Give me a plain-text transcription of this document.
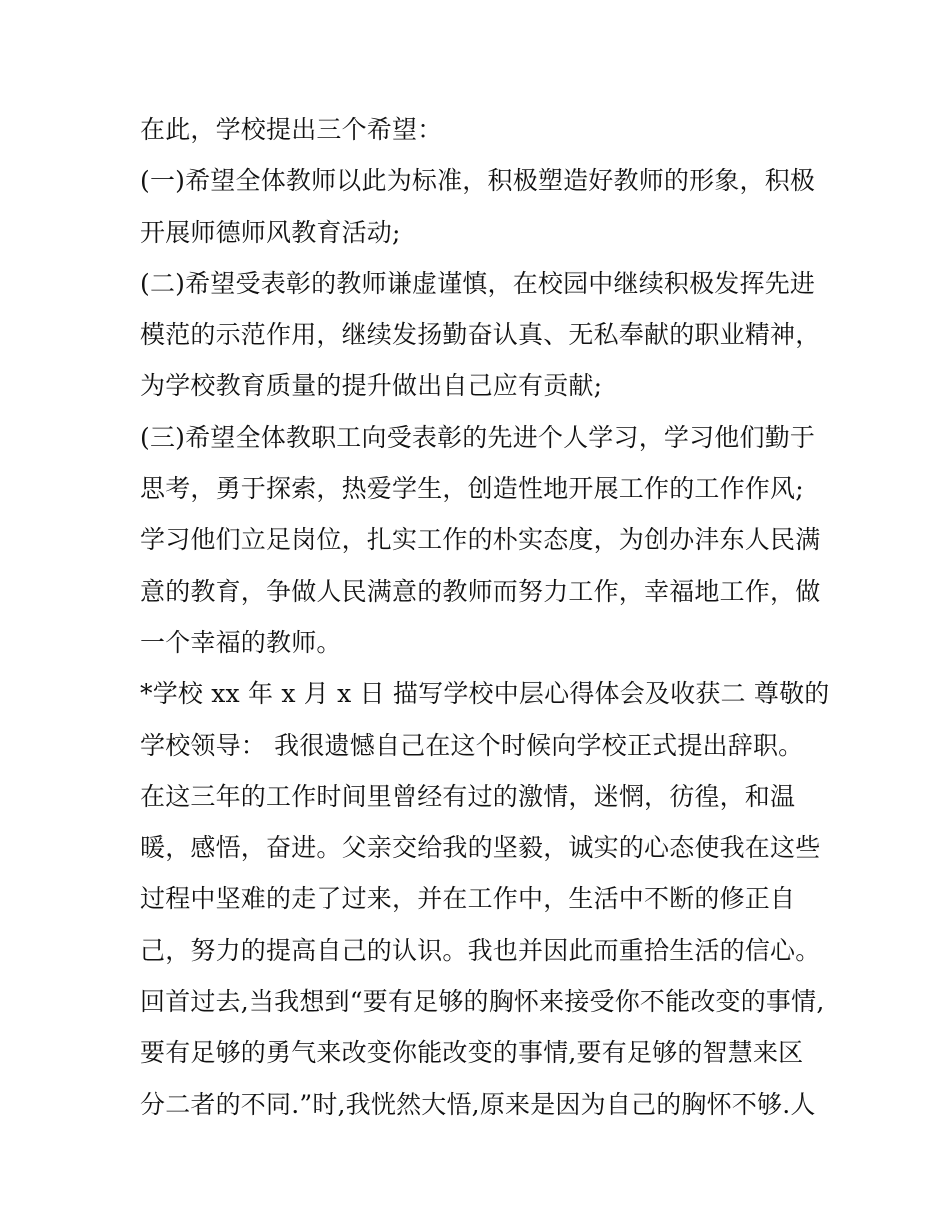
在此，学校提出三个希望：
(一)希望全体教师以此为标准，积极塑造好教师的形象，积极
开展师德师风教育活动;
(二)希望受表彰的教师谦虚谨慎，在校园中继续积极发挥先进
模范的示范作用，继续发扬勤奋认真、无私奉献的职业精神，
为学校教育质量的提升做出自己应有贡献;
(三)希望全体教职工向受表彰的先进个人学习，学习他们勤于
思考，勇于探索，热爱学生，创造性地开展工作的工作作风;
学习他们立足岗位，扎实工作的朴实态度，为创办沣东人民满
意的教育，争做人民满意的教师而努力工作，幸福地工作，做
一个幸福的教师。
*学校 xx 年 x 月 x 日 描写学校中层心得体会及收获二 尊敬的
学校领导： 我很遗憾自己在这个时候向学校正式提出辞职。
在这三年的工作时间里曾经有过的激情，迷惘，彷徨，和温
暖，感悟，奋进。父亲交给我的坚毅，诚实的心态使我在这些
过程中坚难的走了过来，并在工作中，生活中不断的修正自
己，努力的提高自己的认识。我也并因此而重拾生活的信心。
回首过去,当我想到“要有足够的胸怀来接受你不能改变的事情,
要有足够的勇气来改变你能改变的事情,要有足够的智慧来区
分二者的不同.”时,我恍然大悟,原来是因为自己的胸怀不够.人
